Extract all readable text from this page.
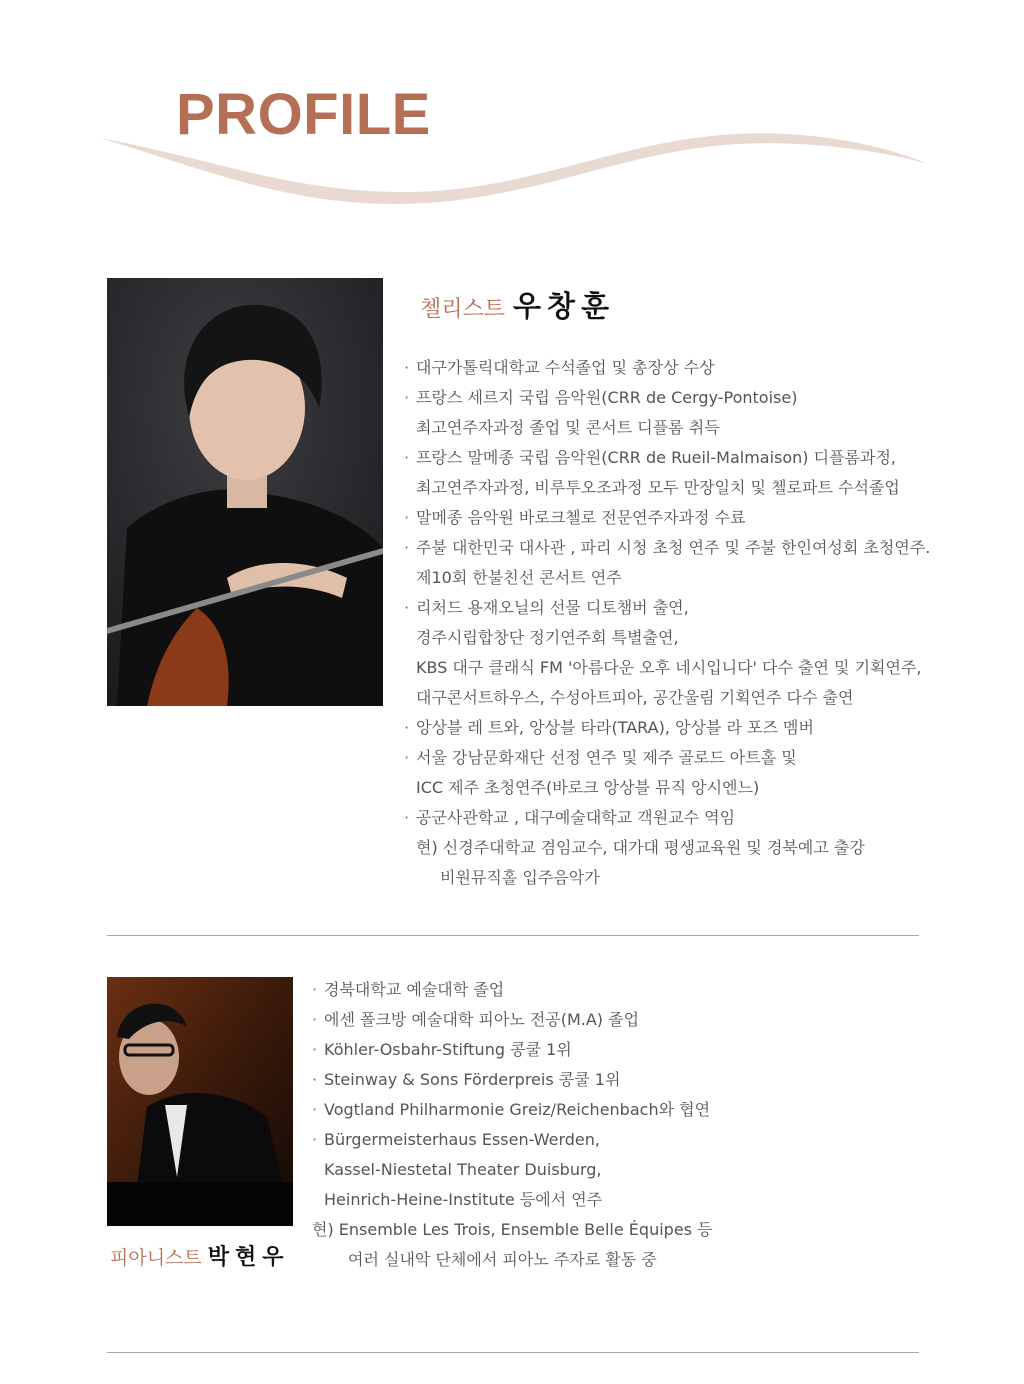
PROFILE
첼리스트 우창훈
· 대구가톨릭대학교 수석졸업 및 총장상 수상
· 프랑스 세르지 국립 음악원(CRR de Cergy-Pontoise)
최고연주자과정 졸업 및 콘서트 디플롬 취득
· 프랑스 말메종 국립 음악원(CRR de Rueil-Malmaison) 디플롬과정,
최고연주자과정, 비루투오조과정 모두 만장일치 및 첼로파트 수석졸업
· 말메종 음악원 바로크첼로 전문연주자과정 수료
· 주불 대한민국 대사관 , 파리 시청 초청 연주 및 주불 한인여성회 초청연주.
제10회 한불친선 콘서트 연주
· 리처드 용재오닐의 선물 디토챔버 출연,
경주시립합창단 정기연주회 특별출연,
KBS 대구 클래식 FM '아름다운 오후 네시입니다' 다수 출연 및 기획연주,
대구콘서트하우스, 수성아트피아, 공간울림 기획연주 다수 출연
· 앙상블 레 트와, 앙상블 타라(TARA), 앙상블 라 포즈 멤버
· 서울 강남문화재단 선정 연주 및 제주 골로드 아트홀 및
ICC 제주 초청연주(바로크 앙상블 뮤직 앙시엔느)
· 공군사관학교 , 대구예술대학교 객원교수 역임
현) 신경주대학교 겸임교수, 대가대 평생교육원 및 경북예고 출강
비원뮤직홀 입주음악가
피아니스트 박현우
· 경북대학교 예술대학 졸업
· 에센 폴크방 예술대학 피아노 전공(M.A) 졸업
· Köhler-Osbahr-Stiftung 콩쿨 1위
· Steinway & Sons Förderpreis 콩쿨 1위
· Vogtland Philharmonie Greiz/Reichenbach와 협연
· Bürgermeisterhaus Essen-Werden,
Kassel-Niestetal Theater Duisburg,
Heinrich-Heine-Institute 등에서 연주
현) Ensemble Les Trois, Ensemble Belle Équipes 등
여러 실내악 단체에서 피아노 주자로 활동 중
